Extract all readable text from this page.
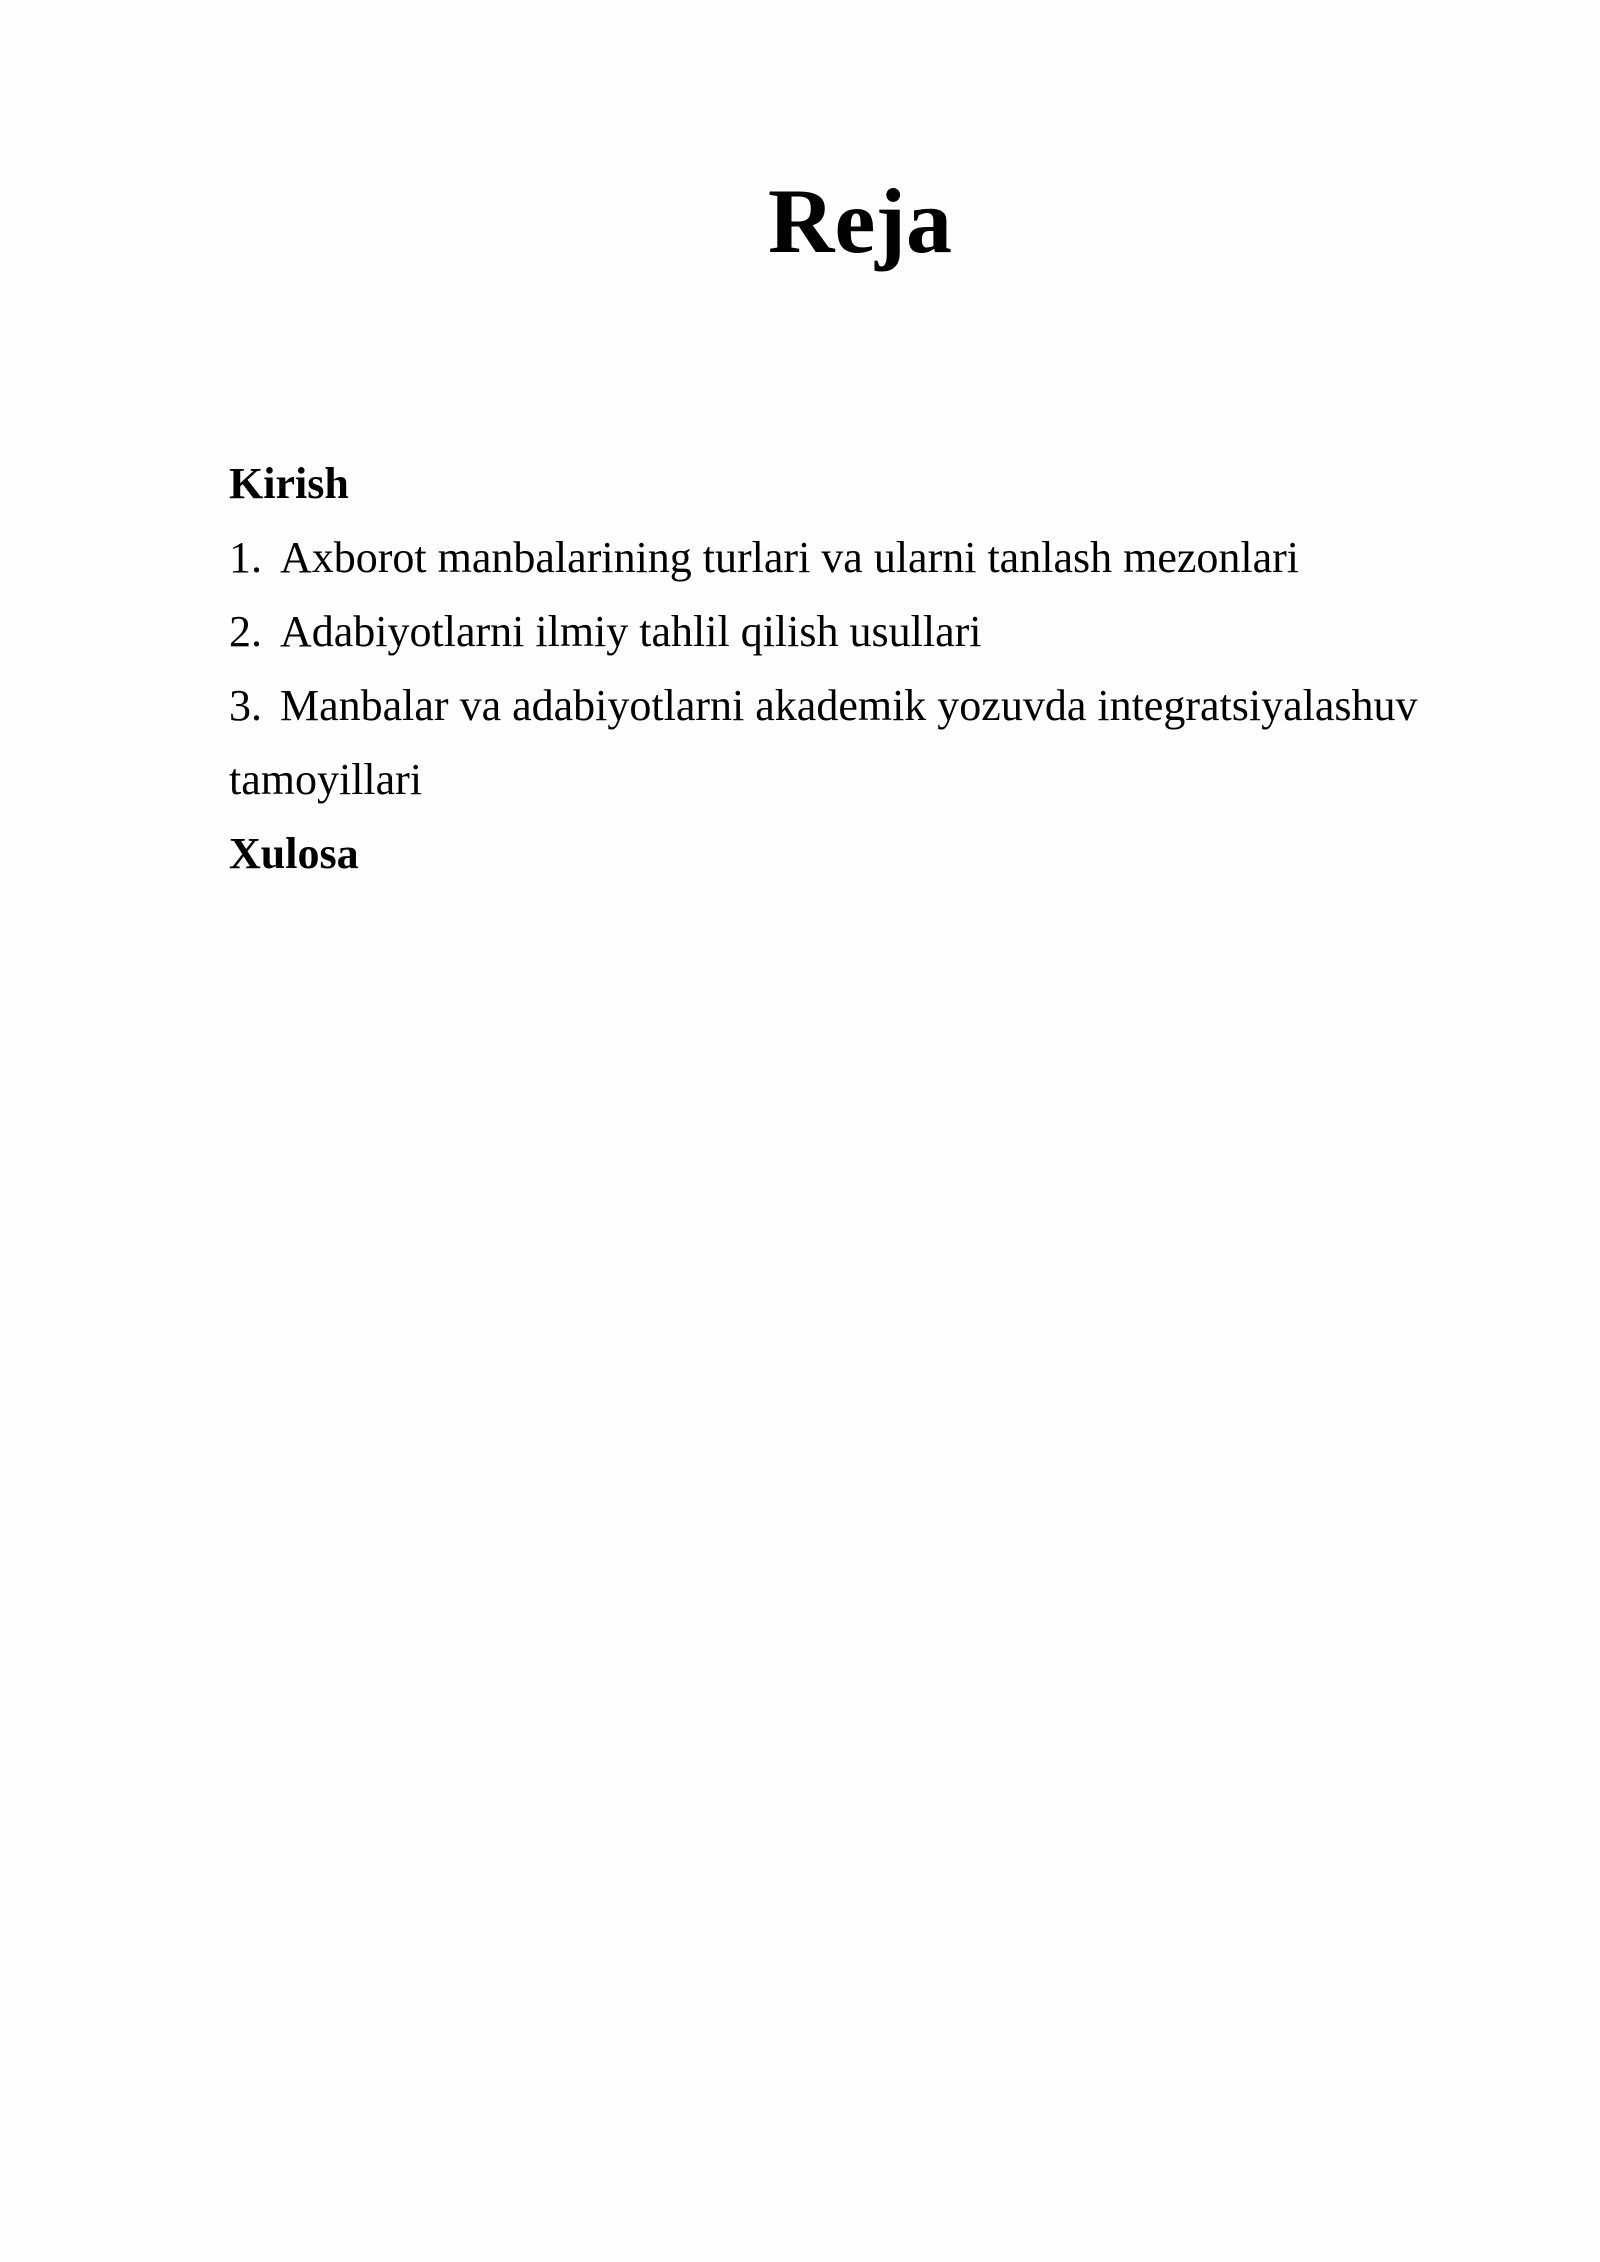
Reja
Kirish
1. Axborot manbalarining turlari va ularni tanlash mezonlari
2. Adabiyotlarni ilmiy tahlil qilish usullari
3. Manbalar va adabiyotlarni akademik yozuvda integratsiyalashuv tamoyillari
Xulosa
